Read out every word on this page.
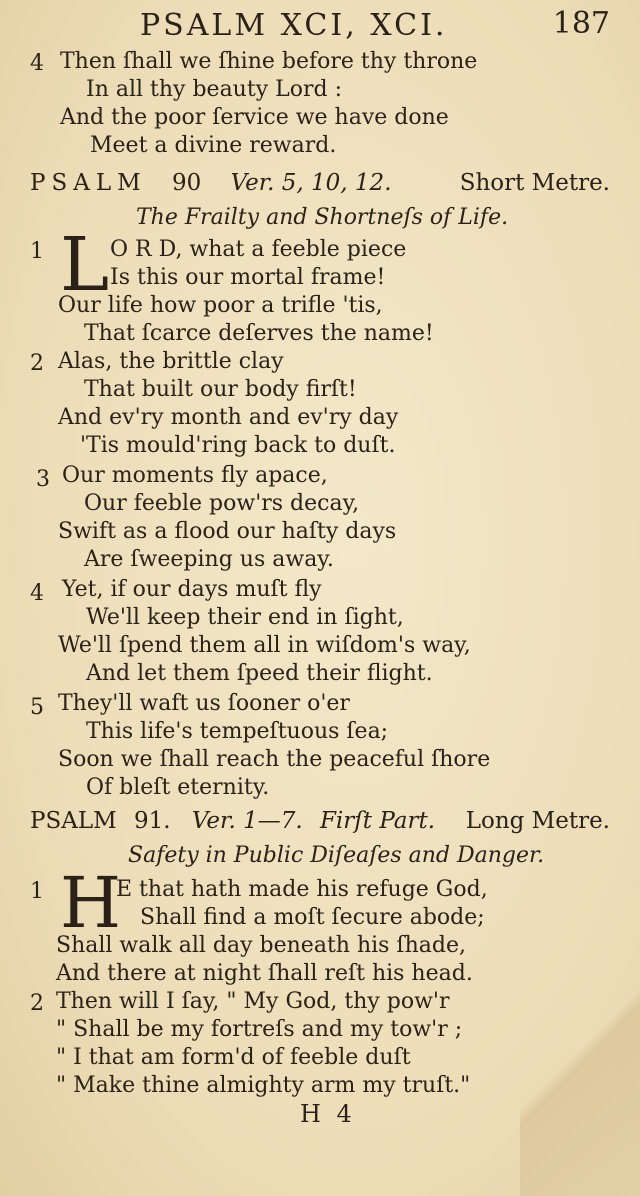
PSALM XCI, XCI.	187
4 Then ſhall we ſhine before thy throne
In all thy beauty Lord :
And the poor ſervice we have done
Meet a divine reward.
PSALM 90 Ver. 5, 10, 12.	Short Metre.
The Frailty and Shortneſs of Life.
1 L O R D, what a feeble piece
Is this our mortal frame!
Our life how poor a trifle 'tis,
That ſcarce deſerves the name!
2 Alas, the brittle clay
That built our body firſt!
And ev'ry month and ev'ry day
'Tis mould'ring back to duſt.
3 Our moments fly apace,
Our feeble pow'rs decay,
Swift as a flood our haſty days
Are ſweeping us away.
4 Yet, if our days muſt fly
We'll keep their end in ſight,
We'll ſpend them all in wiſdom's way,
And let them ſpeed their flight.
5 They'll waft us ſooner o'er
This life's tempeſtuous ſea;
Soon we ſhall reach the peaceful ſhore
Of bleſt eternity.
PSALM 91. Ver. 1—7. Firſt Part. Long Metre.
Safety in Public Diſeaſes and Danger.
1 H
E that hath made his refuge God,
Shall find a moſt ſecure abode;
Shall walk all day beneath his ſhade,
And there at night ſhall reſt his head.
2 Then will I ſay, " My God, thy pow'r
" Shall be my fortreſs and my tow'r ;
" I that am form'd of feeble duſt
" Make thine almighty arm my truſt."
H 4
